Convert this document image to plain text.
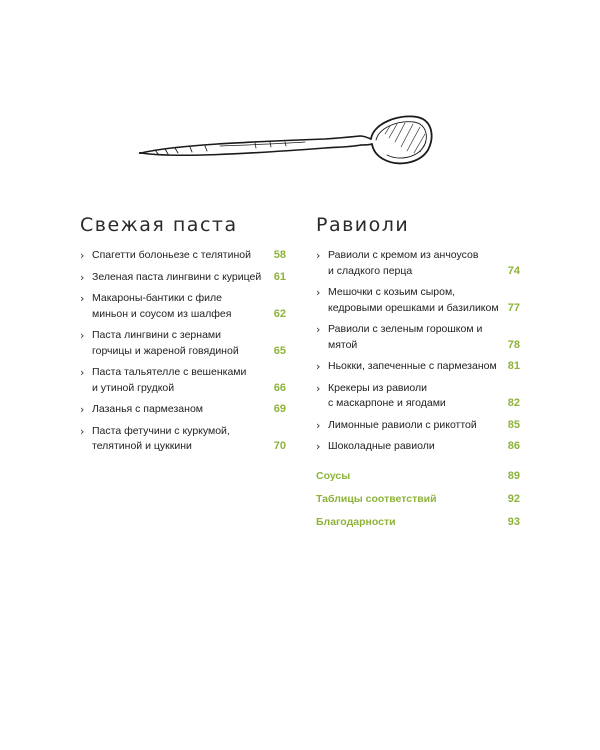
Свежая паста
› Спагетти болоньезе с телятиной	58
› Зеленая паста лингвини с курицей	61
› Макароны-бантики с филе
миньон и соусом из шалфея	62
› Паста лингвини с зернами
горчицы и жареной говядиной	65
› Паста тальятелле с вешенками
и утиной грудкой	66
› Лазанья с пармезаном	69
› Паста фетучини с куркумой,
телятиной и цуккини	70
Равиоли
› Равиоли с кремом из анчоусов
и сладкого перца	74
› Мешочки с козьим сыром,
кедровыми орешками и базиликом 77
› Равиоли с зеленым горошком и мятой	78
› Ньокки, запеченные с пармезаном	81
› Крекеры из равиоли
с маскарпоне и ягодами	82
› Лимонные равиоли с рикоттой	85
› Шоколадные равиоли	86
Соусы	89
Таблицы соответствий	92
Благодарности	93
